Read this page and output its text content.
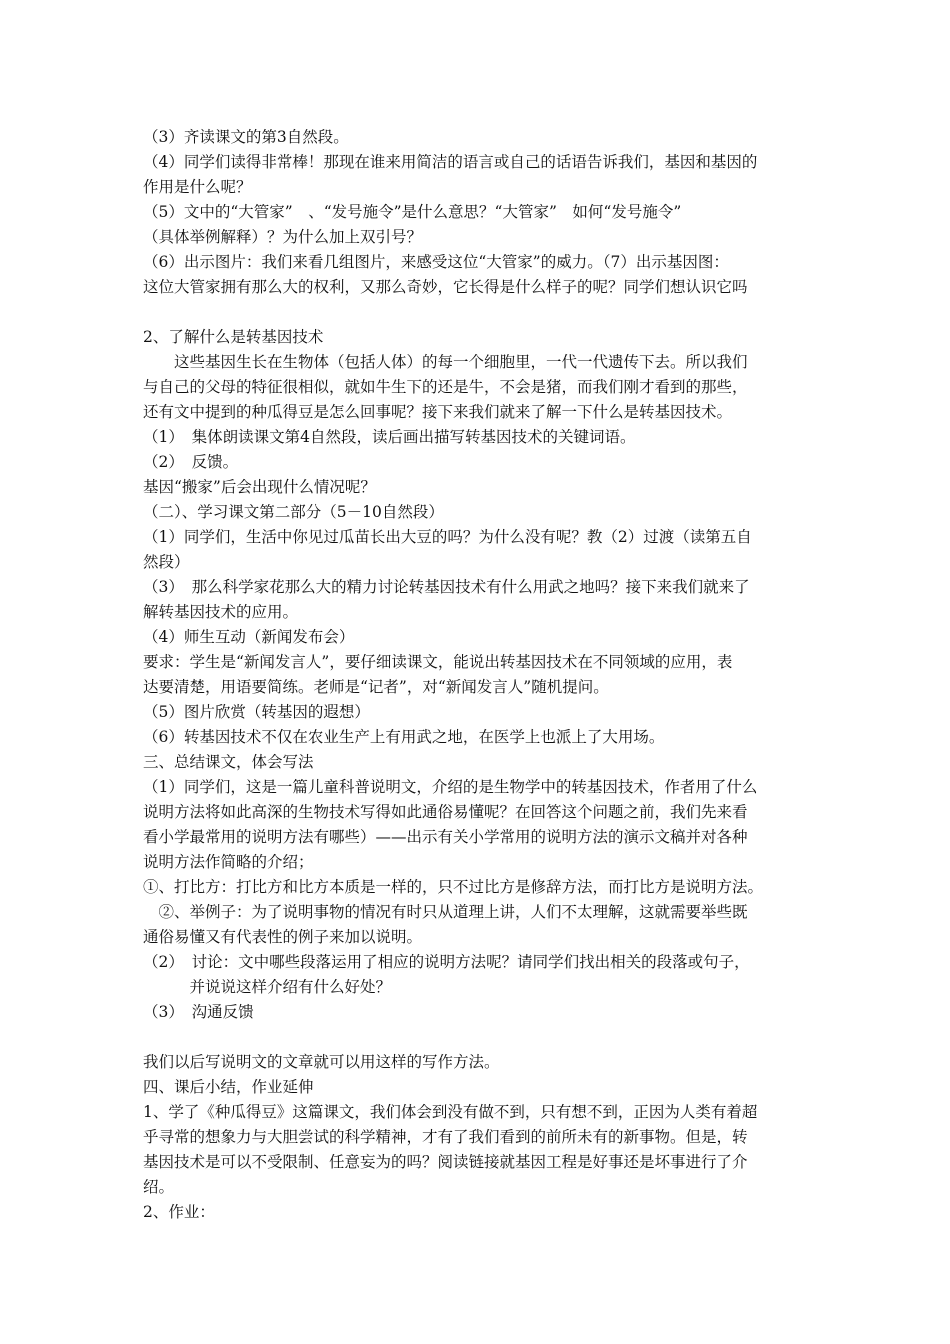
（3）齐读课文的第3自然段。
（4）同学们读得非常棒！那现在谁来用简洁的语言或自己的话语告诉我们，基因和基因的
作用是什么呢？
（5）文中的“大管家”　、“发号施令”是什么意思？“大管家”　如何“发号施令”
（具体举例解释）？为什么加上双引号？
（6）出示图片：我们来看几组图片，来感受这位“大管家”的威力。（7）出示基因图：
这位大管家拥有那么大的权利，又那么奇妙，它长得是什么样子的呢？同学们想认识它吗
2、了解什么是转基因技术
　　这些基因生长在生物体（包括人体）的每一个细胞里，一代一代遗传下去。所以我们
与自己的父母的特征很相似，就如牛生下的还是牛，不会是猪，而我们刚才看到的那些，
还有文中提到的种瓜得豆是怎么回事呢？接下来我们就来了解一下什么是转基因技术。
（1）　集体朗读课文第4自然段，读后画出描写转基因技术的关键词语。
（2）　反馈。
基因“搬家”后会出现什么情况呢？
（二）、学习课文第二部分（5－10自然段）
（1）同学们，生活中你见过瓜苗长出大豆的吗？为什么没有呢？教（2）过渡（读第五自
然段）
（3）　那么科学家花那么大的精力讨论转基因技术有什么用武之地吗？接下来我们就来了
解转基因技术的应用。
（4）师生互动（新闻发布会）
要求：学生是“新闻发言人”，要仔细读课文，能说出转基因技术在不同领域的应用，表
达要清楚，用语要简练。老师是“记者”，对“新闻发言人”随机提问。
（5）图片欣赏（转基因的遐想）
（6）转基因技术不仅在农业生产上有用武之地，在医学上也派上了大用场。
三、总结课文，体会写法
（1）同学们，这是一篇儿童科普说明文，介绍的是生物学中的转基因技术，作者用了什么
说明方法将如此高深的生物技术写得如此通俗易懂呢？在回答这个问题之前，我们先来看
看小学最常用的说明方法有哪些）——出示有关小学常用的说明方法的演示文稿并对各种
说明方法作简略的介绍；
①、打比方：打比方和比方本质是一样的，只不过比方是修辞方法，而打比方是说明方法。
　②、举例子：为了说明事物的情况有时只从道理上讲，人们不太理解，这就需要举些既
通俗易懂又有代表性的例子来加以说明。
（2）　讨论：文中哪些段落运用了相应的说明方法呢？请同学们找出相关的段落或句子，
　　　并说说这样介绍有什么好处？
（3）　沟通反馈
我们以后写说明文的文章就可以用这样的写作方法。
四、课后小结，作业延伸
1、学了《种瓜得豆》这篇课文，我们体会到没有做不到，只有想不到，正因为人类有着超
乎寻常的想象力与大胆尝试的科学精神，才有了我们看到的前所未有的新事物。但是，转
基因技术是可以不受限制、任意妄为的吗？阅读链接就基因工程是好事还是坏事进行了介
绍。
2、作业：
